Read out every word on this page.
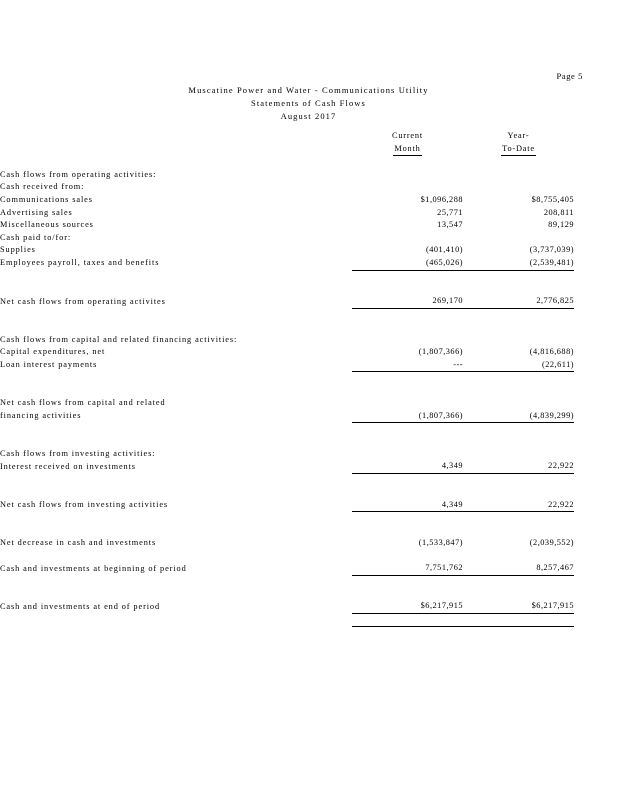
Page 5
Muscatine Power and Water - Communications Utility
Statements of Cash Flows
August 2017
	Current	Year-	
	Month	To-Date	

Cash flows from operating activities:			
Cash received from:			
Communications sales	$1,096,288	$8,755,405	
Advertising sales	25,771	208,811	
Miscellaneous sources	13,547	89,129	
Cash paid to/for:			
Supplies	(401,410)	(3,737,039)	
Employees payroll, taxes and benefits	(465,026)	(2,539,481)	

Net cash flows from operating activites	269,170	2,776,825	

Cash flows from capital and related financing activities:			
Capital expenditures, net	(1,807,366)	(4,816,688)	
Loan interest payments	---	(22,611)	

Net cash flows from capital and related			
financing activities	(1,807,366)	(4,839,299)	

Cash flows from investing activities:			
Interest received on investments	4,349	22,922	

Net cash flows from investing activities	4,349	22,922	

Net decrease in cash and investments	(1,533,847)	(2,039,552)	

Cash and investments at beginning of period	7,751,762	8,257,467	

Cash and investments at end of period	$6,217,915	$6,217,915	
